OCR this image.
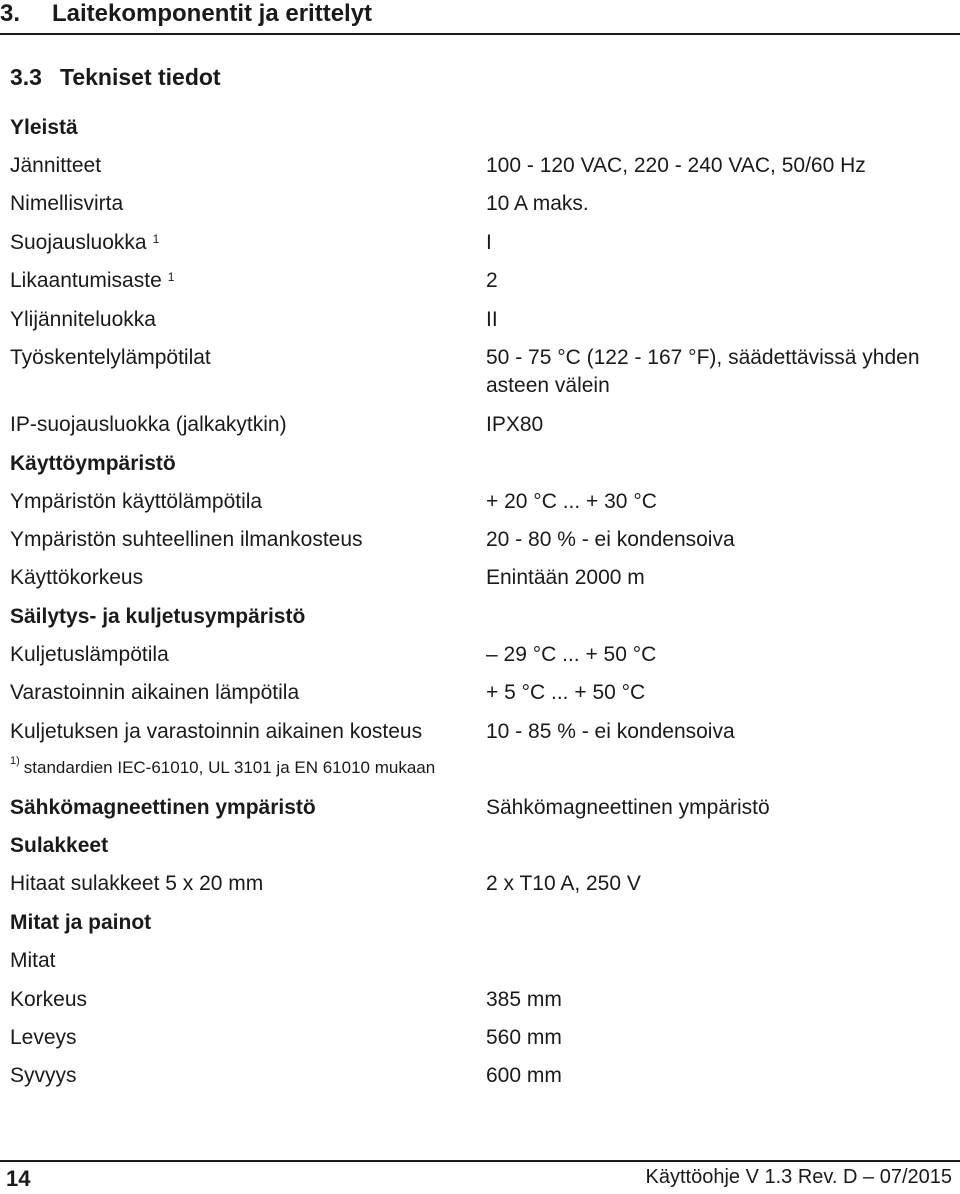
3. Laitekomponentit ja erittelyt
3.3 Tekniset tiedot
Yleistä
Jännitteet	100 - 120 VAC, 220 - 240 VAC, 50/60 Hz
Nimellisvirta	10 A maks.
Suojausluokka $^1$	I
Likaantumisaste $^1$	2
Ylijänniteluokka	II
Työskentelylämpötilat	50 - 75 °C (122 - 167 °F), säädettävissä yhden asteen välein
IP-suojausluokka (jalkakytkin)	IPX80
Käyttöympäristö
Ympäristön käyttölämpötila	+ 20 °C ... + 30 °C
Ympäristön suhteellinen ilmankosteus	20 - 80 % - ei kondensoiva
Käyttökorkeus	Enintään 2000 m
Säilytys- ja kuljetusympäristö
Kuljetuslämpötila	– 29 °C ... + 50 °C
Varastoinnin aikainen lämpötila	+ 5 °C ... + 50 °C
Kuljetuksen ja varastoinnin aikainen kosteus	10 - 85 % - ei kondensoiva
$^{1)}$ standardien IEC-61010, UL 3101 ja EN 61010 mukaan
Sähkömagneettinen ympäristö	Sähkömagneettinen ympäristö
Sulakkeet
Hitaat sulakkeet 5 x 20 mm	2 x T10 A, 250 V
Mitat ja painot
Mitat
Korkeus	385 mm
Leveys	560 mm
Syvyys	600 mm
14	Käyttöohje V 1.3 Rev. D – 07/2015
